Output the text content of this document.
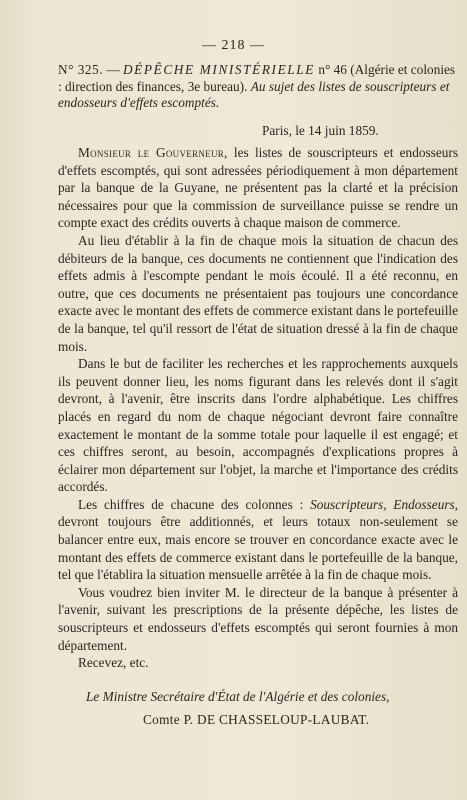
— 218 —
N° 325. — DÉPÊCHE MINISTÉRIELLE n° 46 (Algérie et colonies : direction des finances, 3e bureau). Au sujet des listes de souscripteurs et endosseurs d'effets escomptés.
Paris, le 14 juin 1859.

Monsieur le Gouverneur, les listes de souscripteurs et endosseurs d'effets escomptés, qui sont adressées périodiquement à mon département par la banque de la Guyane, ne présentent pas la clarté et la précision nécessaires pour que la commission de surveillance puisse se rendre un compte exact des crédits ouverts à chaque maison de commerce.

Au lieu d'établir à la fin de chaque mois la situation de chacun des débiteurs de la banque, ces documents ne contiennent que l'indication des effets admis à l'escompte pendant le mois écoulé. Il a été reconnu, en outre, que ces documents ne présentaient pas toujours une concordance exacte avec le montant des effets de commerce existant dans le portefeuille de la banque, tel qu'il ressort de l'état de situation dressé à la fin de chaque mois.

Dans le but de faciliter les recherches et les rapprochements auxquels ils peuvent donner lieu, les noms figurant dans les relevés dont il s'agit devront, à l'avenir, être inscrits dans l'ordre alphabétique. Les chiffres placés en regard du nom de chaque négociant devront faire connaître exactement le montant de la somme totale pour laquelle il est engagé; et ces chiffres seront, au besoin, accompagnés d'explications propres à éclairer mon département sur l'objet, la marche et l'importance des crédits accordés.

Les chiffres de chacune des colonnes : Souscripteurs, Endosseurs, devront toujours être additionnés, et leurs totaux non-seulement se balancer entre eux, mais encore se trouver en concordance exacte avec le montant des effets de commerce existant dans le portefeuille de la banque, tel que l'établira la situation mensuelle arrêtée à la fin de chaque mois.

Vous voudrez bien inviter M. le directeur de la banque à présenter à l'avenir, suivant les prescriptions de la présente dépêche, les listes de souscripteurs et endosseurs d'effets escomptés qui seront fournies à mon département.

Recevez, etc.

Le Ministre Secrétaire d'État de l'Algérie et des colonies,
Comte P. DE CHASSELOUP-LAUBAT.
